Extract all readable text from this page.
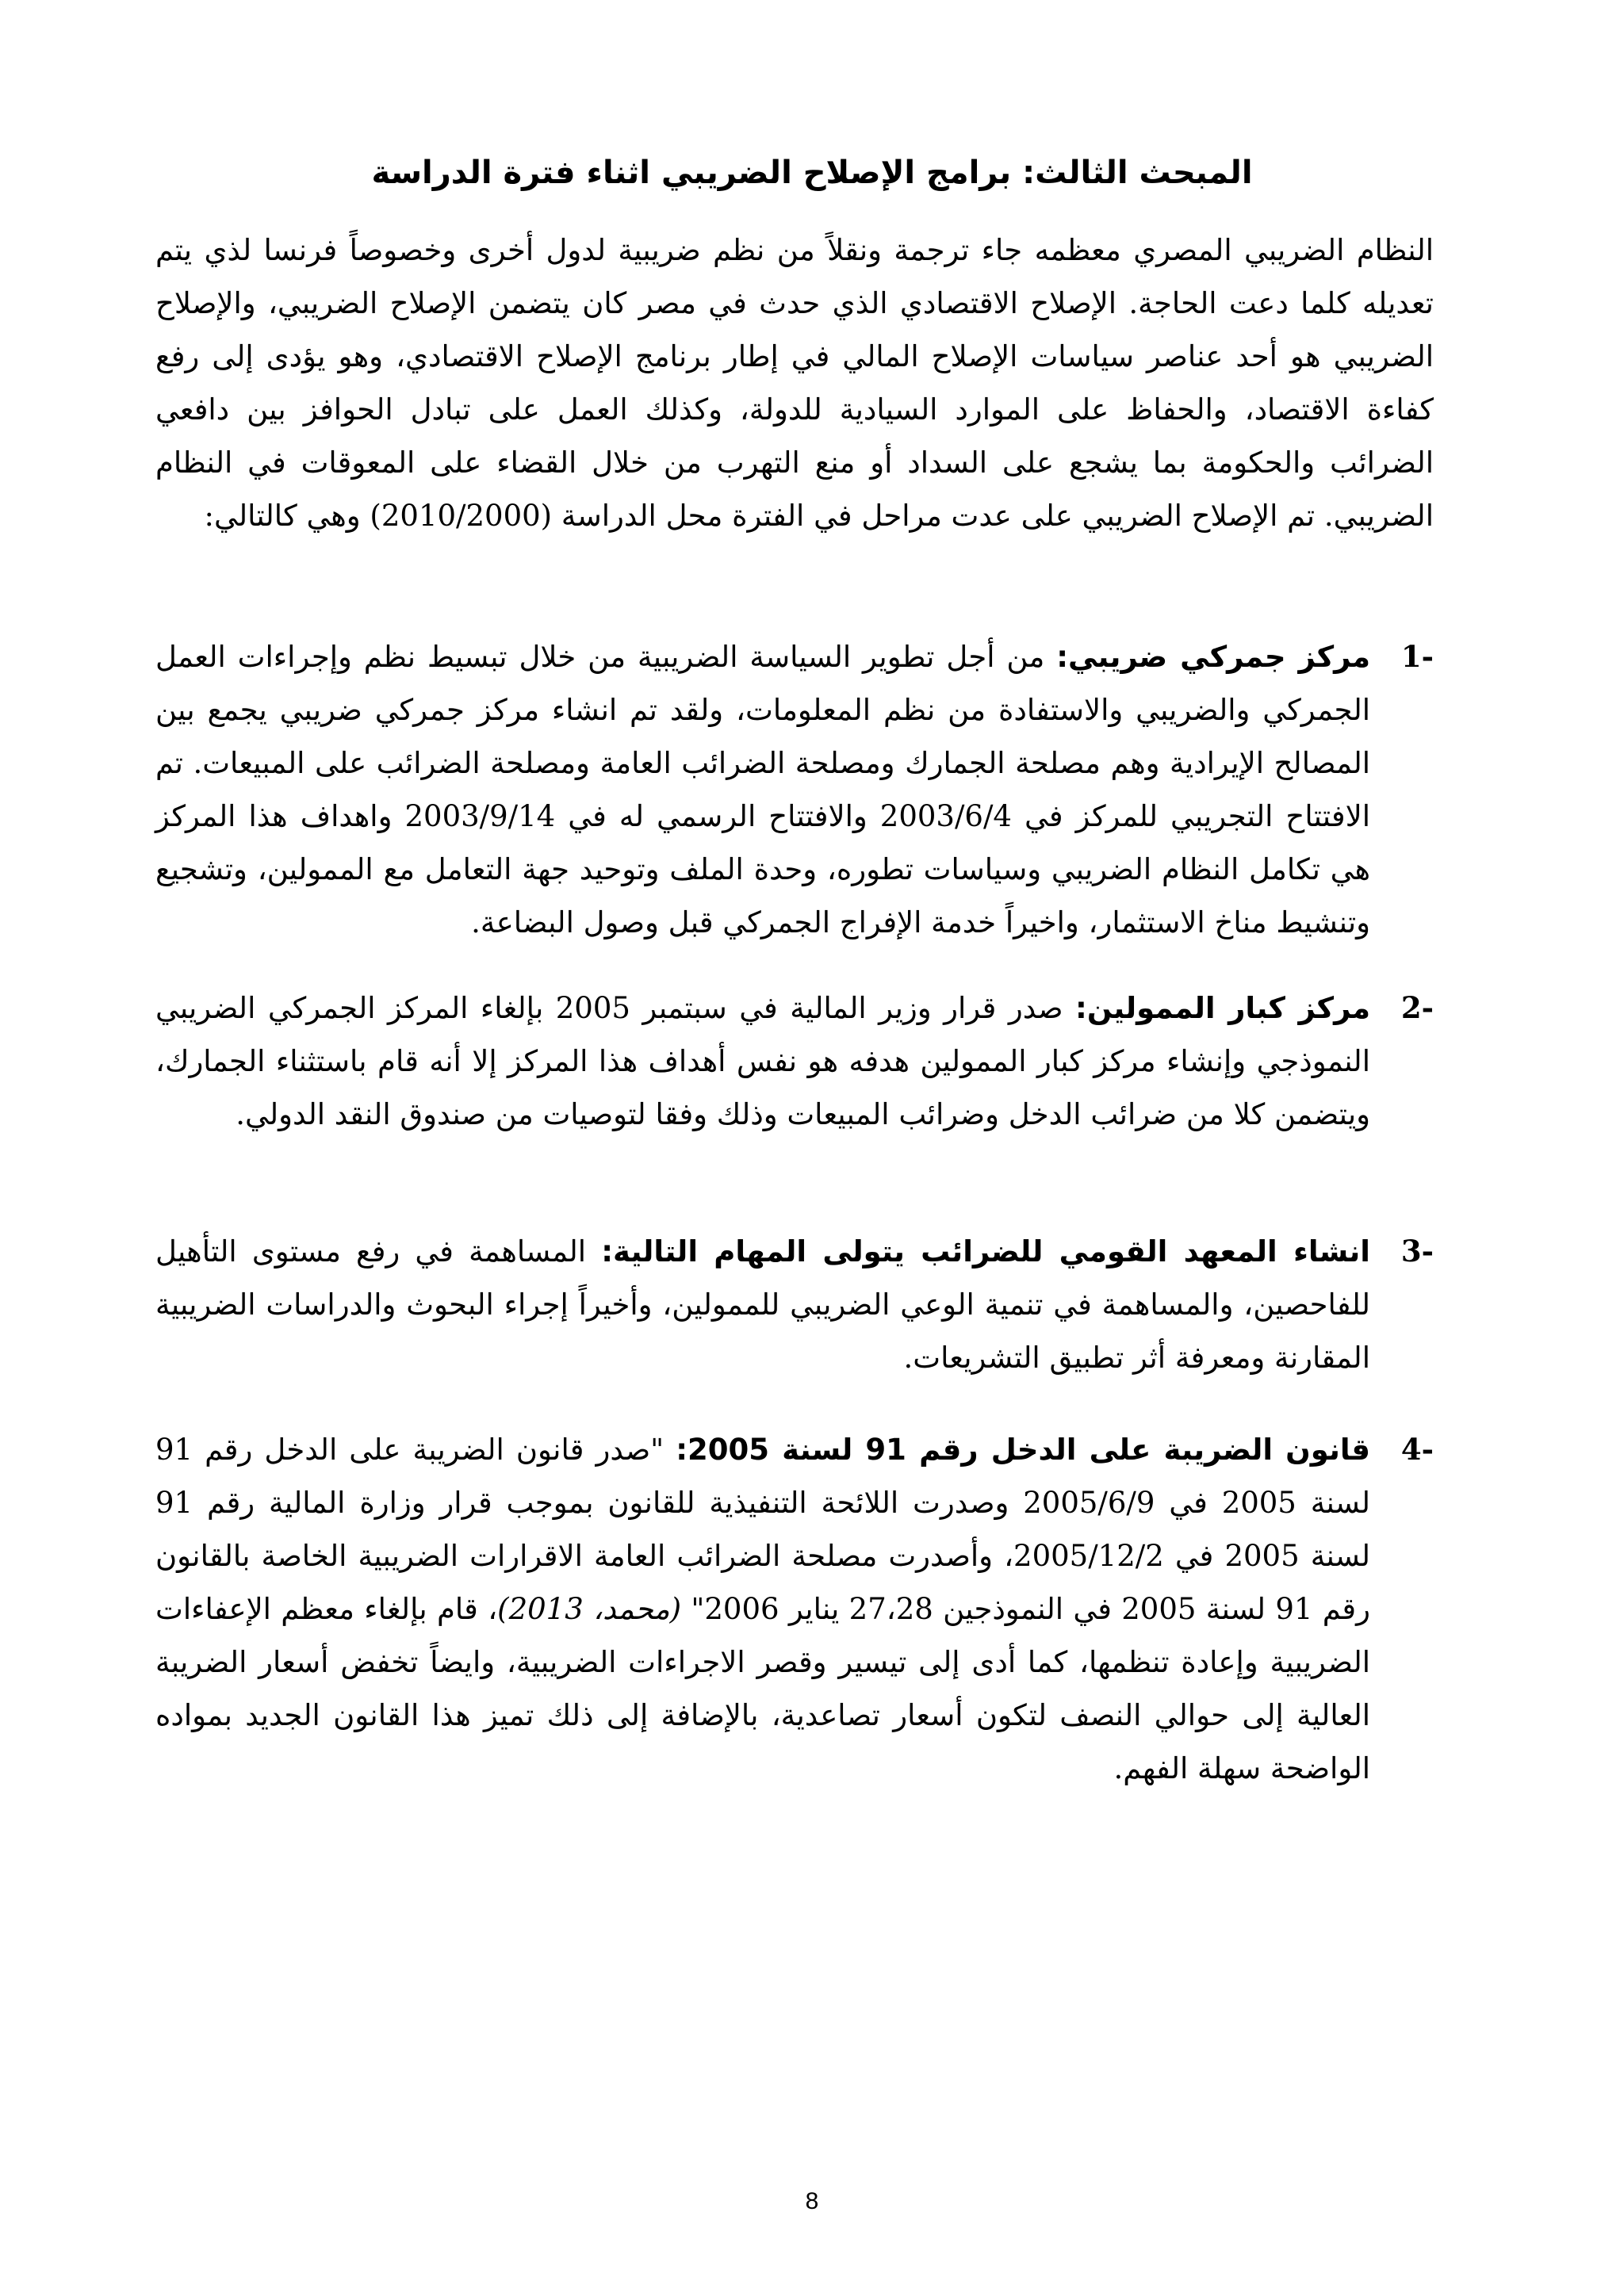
المبحث الثالث: برامج الإصلاح الضريبي اثناء فترة الدراسة

النظام الضريبي المصري معظمه جاء ترجمة ونقلاً من نظم ضريبية لدول أخرى وخصوصاً فرنسا لذي يتم تعديله كلما دعت الحاجة. الإصلاح الاقتصادي الذي حدث في مصر كان يتضمن الإصلاح الضريبي، والإصلاح الضريبي هو أحد عناصر سياسات الإصلاح المالي في إطار برنامج الإصلاح الاقتصادي، وهو يؤدى إلى رفع كفاءة الاقتصاد، والحفاظ على الموارد السيادية للدولة، وكذلك العمل على تبادل الحوافز بين دافعي الضرائب والحكومة بما يشجع على السداد أو منع التهرب من خلال القضاء على المعوقات في النظام الضريبي. تم الإصلاح الضريبي على عدت مراحل في الفترة محل الدراسة (2010/2000) وهي كالتالي:

-1
مركز جمركي ضريبي: من أجل تطوير السياسة الضريبية من خلال تبسيط نظم وإجراءات العمل الجمركي والضريبي والاستفادة من نظم المعلومات، ولقد تم انشاء مركز جمركي ضريبي يجمع بين المصالح الإيرادية وهم مصلحة الجمارك ومصلحة الضرائب العامة ومصلحة الضرائب على المبيعات. تم الافتتاح التجريبي للمركز في 2003/6/4 والافتتاح الرسمي له في 2003/9/14 واهداف هذا المركز هي تكامل النظام الضريبي وسياسات تطوره، وحدة الملف وتوحيد جهة التعامل مع الممولين، وتشجيع وتنشيط مناخ الاستثمار، واخيراً خدمة الإفراج الجمركي قبل وصول البضاعة.
-2
مركز كبار الممولين: صدر قرار وزير المالية في سبتمبر 2005 بإلغاء المركز الجمركي الضريبي النموذجي وإنشاء مركز كبار الممولين هدفه هو نفس أهداف هذا المركز إلا أنه قام باستثناء الجمارك، ويتضمن كلا من ضرائب الدخل وضرائب المبيعات وذلك وفقا لتوصيات من صندوق النقد الدولي.
-3
انشاء المعهد القومي للضرائب يتولى المهام التالية: المساهمة في رفع مستوى التأهيل للفاحصين، والمساهمة في تنمية الوعي الضريبي للممولين، وأخيراً إجراء البحوث والدراسات الضريبية المقارنة ومعرفة أثر تطبيق التشريعات.
-4
قانون الضريبة على الدخل رقم 91 لسنة 2005: "صدر قانون الضريبة على الدخل رقم 91 لسنة 2005 في 2005/6/9 وصدرت اللائحة التنفيذية للقانون بموجب قرار وزارة المالية رقم 91 لسنة 2005 في 2005/12/2، وأصدرت مصلحة الضرائب العامة الاقرارات الضريبية الخاصة بالقانون رقم 91 لسنة 2005 في النموذجين 27،28 يناير 2006" (محمد، 2013)، قام بإلغاء معظم الإعفاءات الضريبية وإعادة تنظمها، كما أدى إلى تيسير وقصر الاجراءات الضريبية، وايضاً تخفض أسعار الضريبة العالية إلى حوالي النصف لتكون أسعار تصاعدية، بالإضافة إلى ذلك تميز هذا القانون الجديد بمواده الواضحة سهلة الفهم.
8
